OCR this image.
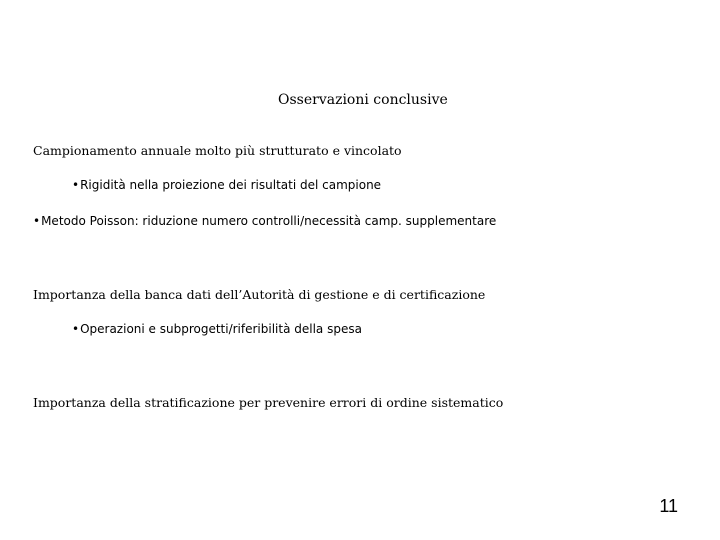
Osservazioni conclusive
Campionamento annuale molto più strutturato e vincolato
•Rigidità nella proiezione dei risultati del campione
•Metodo Poisson: riduzione numero controlli/necessità camp. supplementare
Importanza della banca dati dell’Autorità di gestione e di certificazione
•Operazioni e subprogetti/riferibilità della spesa
Importanza della stratificazione per prevenire errori di ordine sistematico
11
